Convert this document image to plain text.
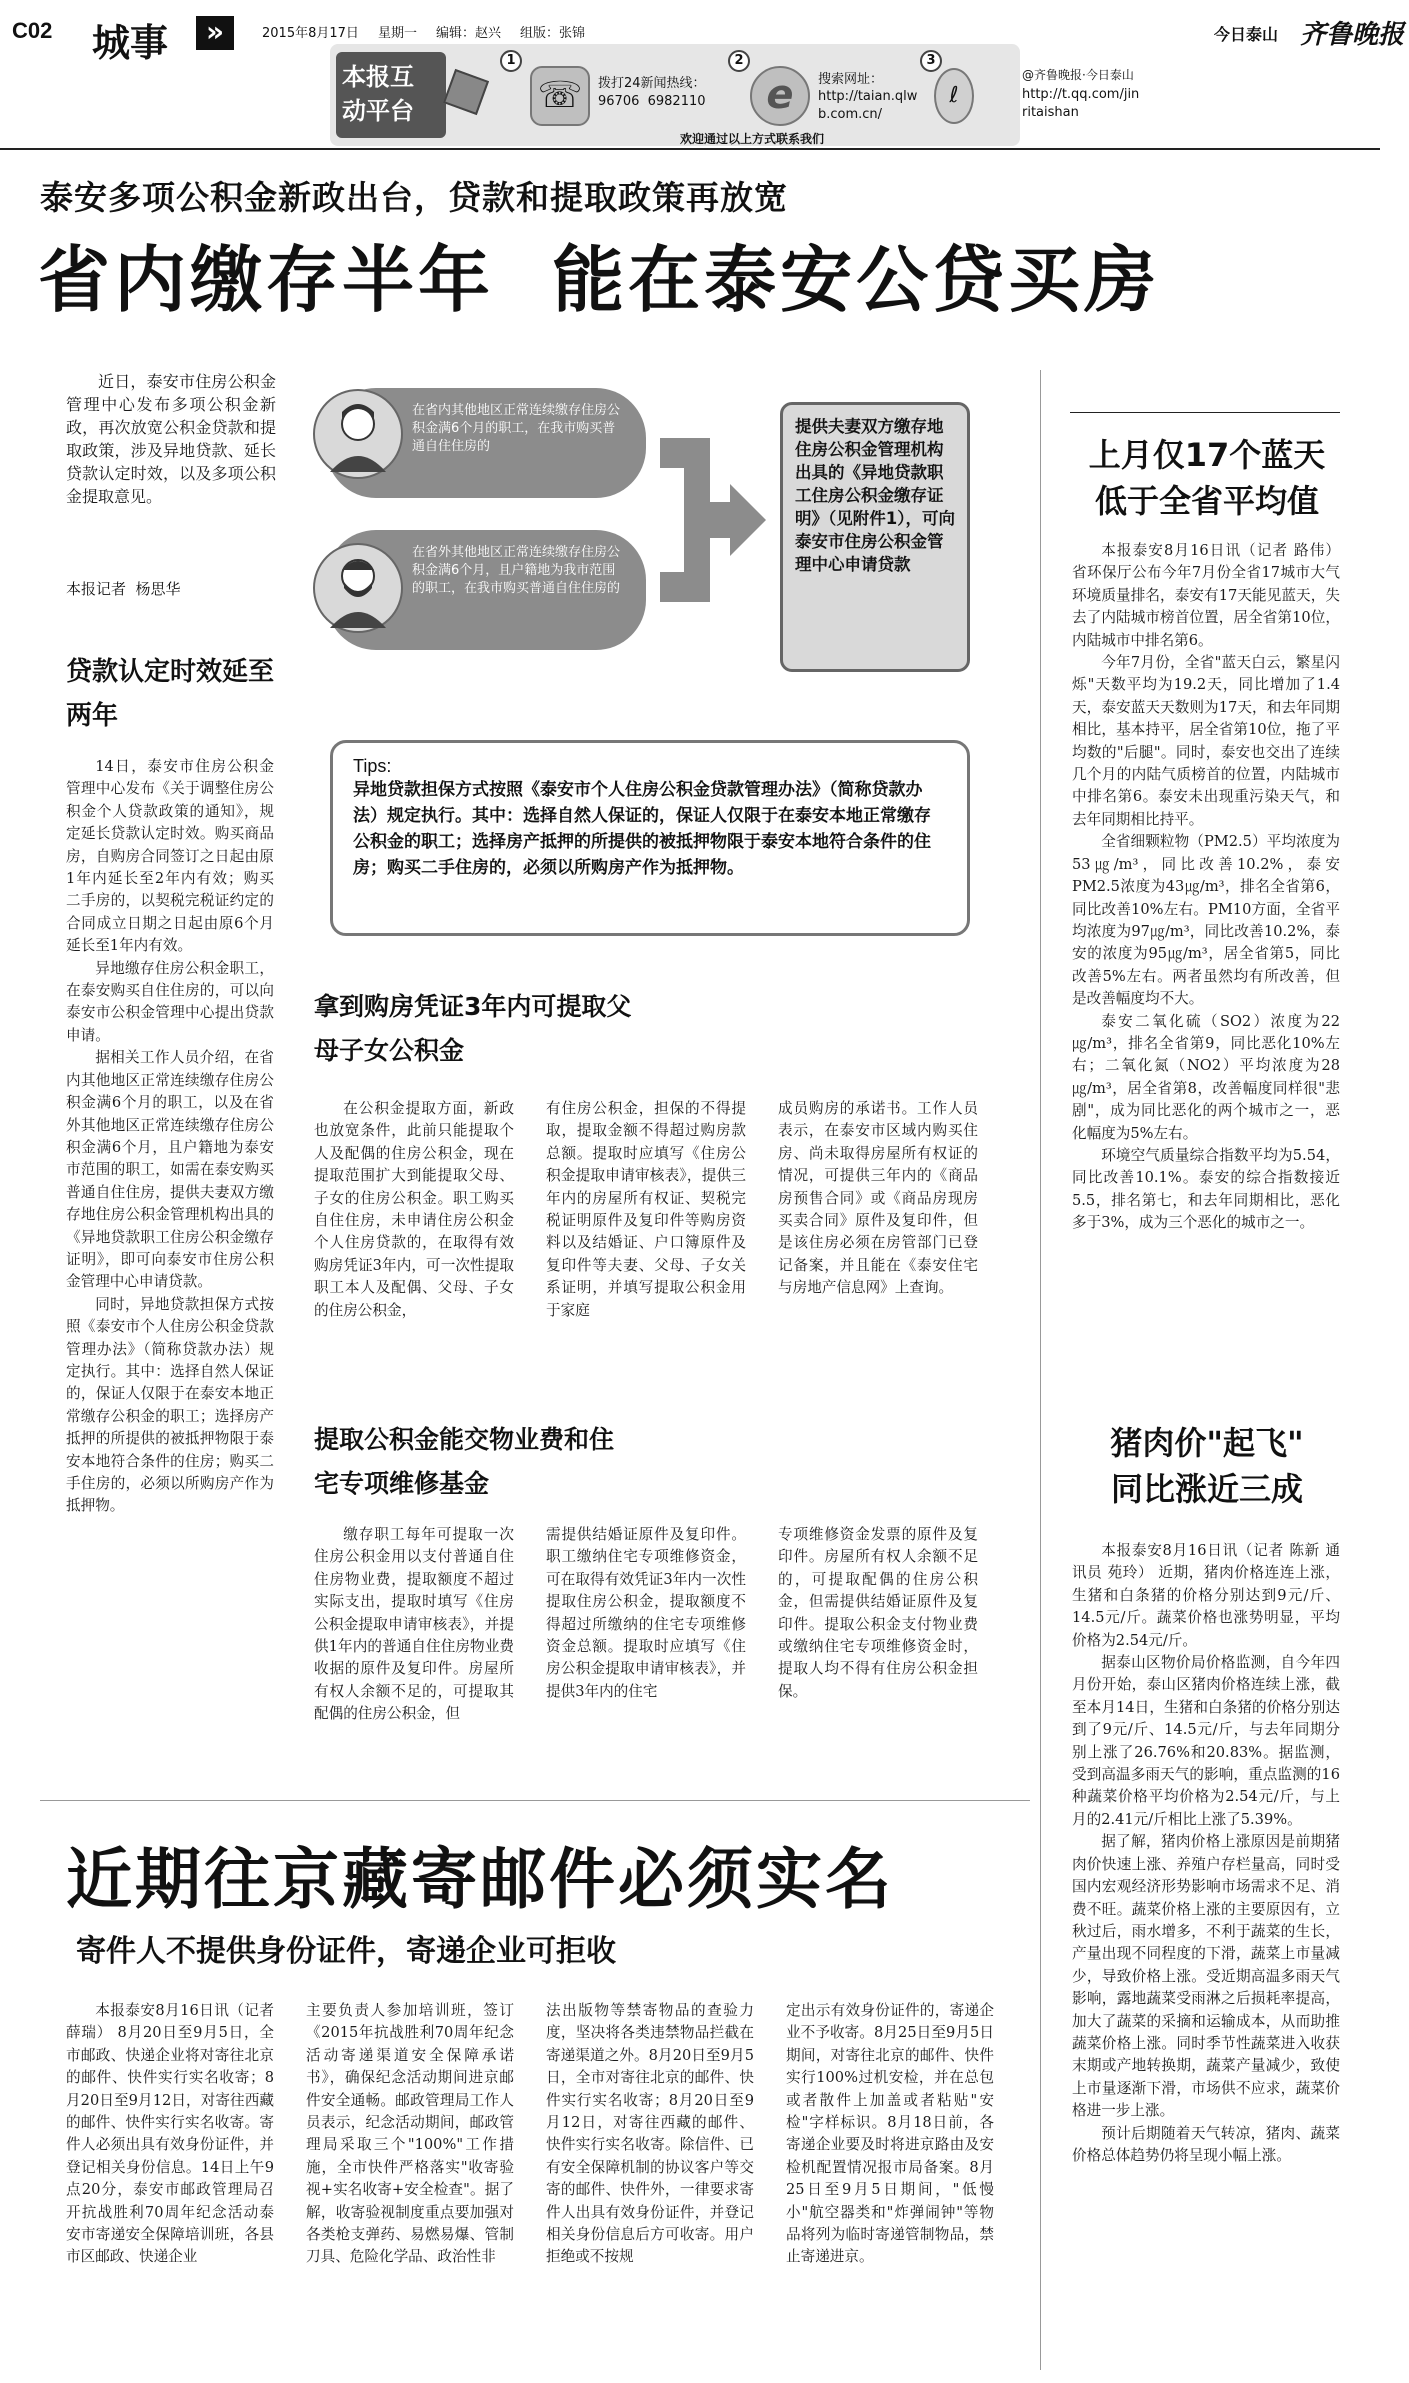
C02 城事	»	2015年8月17日 星期一 编辑：赵兴 组版：张锦	今日泰山 齐鲁晚报
本报互
动平台
1
☏	拨打24新闻热线：
96706  6982110
2
e	搜索网址：
http://taian.qlwb.com.cn/
3
ℓ
@齐鲁晚报·今日泰山
http://t.qq.com/jinritaishan
欢迎通过以上方式联系我们
泰安多项公积金新政出台，贷款和提取政策再放宽
省内缴存半年  能在泰安公贷买房

近日，泰安市住房公积金管理中心发布多项公积金新政，再次放宽公积金贷款和提取政策，涉及异地贷款、延长贷款认定时效，以及多项公积金提取意见。

本报记者  杨思华
贷款认定时效延至两年

14日，泰安市住房公积金管理中心发布《关于调整住房公积金个人贷款政策的通知》，规定延长贷款认定时效。购买商品房，自购房合同签订之日起由原1年内延长至2年内有效；购买二手房的，以契税完税证约定的合同成立日期之日起由原6个月延长至1年内有效。

异地缴存住房公积金职工，在泰安购买自住住房的，可以向泰安市公积金管理中心提出贷款申请。

据相关工作人员介绍，在省内其他地区正常连续缴存住房公积金满6个月的职工，以及在省外其他地区正常连续缴存住房公积金满6个月，且户籍地为泰安市范围的职工，如需在泰安购买普通自住住房，提供夫妻双方缴存地住房公积金管理机构出具的《异地贷款职工住房公积金缴存证明》，即可向泰安市住房公积金管理中心申请贷款。

同时，异地贷款担保方式按照《泰安市个人住房公积金贷款管理办法》（简称贷款办法）规定执行。其中：选择自然人保证的，保证人仅限于在泰安本地正常缴存公积金的职工；选择房产抵押的所提供的被抵押物限于泰安本地符合条件的住房；购买二手住房的，必须以所购房产作为抵押物。

在省内其他地区正常连续缴存住房公积金满6个月的职工，在我市购买普通自住住房的
在省外其他地区正常连续缴存住房公积金满6个月，且户籍地为我市范围的职工，在我市购买普通自住住房的
提供夫妻双方缴存地住房公积金管理机构出具的《异地贷款职工住房公积金缴存证明》（见附件1），可向泰安市住房公积金管理中心申请贷款
Tips:
异地贷款担保方式按照《泰安市个人住房公积金贷款管理办法》（简称贷款办法）规定执行。其中：选择自然人保证的，保证人仅限于在泰安本地正常缴存公积金的职工；选择房产抵押的所提供的被抵押物限于泰安本地符合条件的住房；购买二手住房的，必须以所购房产作为抵押物。
拿到购房凭证3年内可提取父母子女公积金

在公积金提取方面，新政也放宽条件，此前只能提取个人及配偶的住房公积金，现在提取范围扩大到能提取父母、子女的住房公积金。职工购买自住住房，未申请住房公积金个人住房贷款的，在取得有效购房凭证3年内，可一次性提取职工本人及配偶、父母、子女的住房公积金，

有住房公积金，担保的不得提取，提取金额不得超过购房款总额。提取时应填写《住房公积金提取申请审核表》，提供三年内的房屋所有权证、契税完税证明原件及复印件等购房资料以及结婚证、户口簿原件及复印件等夫妻、父母、子女关系证明，并填写提取公积金用于家庭

成员购房的承诺书。工作人员表示，在泰安市区域内购买住房、尚未取得房屋所有权证的情况，可提供三年内的《商品房预售合同》或《商品房现房买卖合同》原件及复印件，但是该住房必须在房管部门已登记备案，并且能在《泰安住宅与房地产信息网》上查询。

提取公积金能交物业费和住宅专项维修基金

缴存职工每年可提取一次住房公积金用以支付普通自住住房物业费，提取额度不超过实际支出，提取时填写《住房公积金提取申请审核表》，并提供1年内的普通自住住房物业费收据的原件及复印件。房屋所有权人余额不足的，可提取其配偶的住房公积金，但

需提供结婚证原件及复印件。职工缴纳住宅专项维修资金，可在取得有效凭证3年内一次性提取住房公积金，提取额度不得超过所缴纳的住宅专项维修资金总额。提取时应填写《住房公积金提取申请审核表》，并提供3年内的住宅

专项维修资金发票的原件及复印件。房屋所有权人余额不足的，可提取配偶的住房公积金，但需提供结婚证原件及复印件。提取公积金支付物业费或缴纳住宅专项维修资金时，提取人均不得有住房公积金担保。

上月仅17个蓝天
低于全省平均值

本报泰安8月16日讯（记者 路伟） 省环保厅公布今年7月份全省17城市大气环境质量排名，泰安有17天能见蓝天，失去了内陆城市榜首位置，居全省第10位，内陆城市中排名第6。

今年7月份，全省"蓝天白云，繁星闪烁"天数平均为19.2天，同比增加了1.4天，泰安蓝天天数则为17天，和去年同期相比，基本持平，居全省第10位，拖了平均数的"后腿"。同时，泰安也交出了连续几个月的内陆气质榜首的位置，内陆城市中排名第6。泰安未出现重污染天气，和去年同期相比持平。

全省细颗粒物（PM2.5）平均浓度为53㎍/m³，同比改善10.2%，泰安PM2.5浓度为43㎍/m³，排名全省第6，同比改善10%左右。PM10方面，全省平均浓度为97㎍/m³，同比改善10.2%，泰安的浓度为95㎍/m³，居全省第5，同比改善5%左右。两者虽然均有所改善，但是改善幅度均不大。

泰安二氧化硫（SO2）浓度为22㎍/m³，排名全省第9，同比恶化10%左右；二氧化氮（NO2）平均浓度为28㎍/m³，居全省第8，改善幅度同样很"悲剧"，成为同比恶化的两个城市之一，恶化幅度为5%左右。

环境空气质量综合指数平均为5.54，同比改善10.1%。泰安的综合指数接近5.5，排名第七，和去年同期相比，恶化多于3%，成为三个恶化的城市之一。

猪肉价"起飞"
同比涨近三成

本报泰安8月16日讯（记者 陈新 通讯员 苑玲） 近期，猪肉价格连连上涨，生猪和白条猪的价格分别达到9元/斤、14.5元/斤。蔬菜价格也涨势明显，平均价格为2.54元/斤。

据泰山区物价局价格监测，自今年四月份开始，泰山区猪肉价格连续上涨，截至本月14日，生猪和白条猪的价格分别达到了9元/斤、14.5元/斤，与去年同期分别上涨了26.76%和20.83%。据监测，受到高温多雨天气的影响，重点监测的16种蔬菜价格平均价格为2.54元/斤，与上月的2.41元/斤相比上涨了5.39%。

据了解，猪肉价格上涨原因是前期猪肉价快速上涨、养殖户存栏量高，同时受国内宏观经济形势影响市场需求不足、消费不旺。蔬菜价格上涨的主要原因有，立秋过后，雨水增多，不利于蔬菜的生长，产量出现不同程度的下滑，蔬菜上市量减少，导致价格上涨。受近期高温多雨天气影响，露地蔬菜受雨淋之后损耗率提高，加大了蔬菜的采摘和运输成本，从而助推蔬菜价格上涨。同时季节性蔬菜进入收获末期或产地转换期，蔬菜产量减少，致使上市量逐渐下滑，市场供不应求，蔬菜价格进一步上涨。

预计后期随着天气转凉，猪肉、蔬菜价格总体趋势仍将呈现小幅上涨。

近期往京藏寄邮件必须实名
寄件人不提供身份证件，寄递企业可拒收

本报泰安8月16日讯（记者 薛瑞） 8月20日至9月5日，全市邮政、快递企业将对寄往北京的邮件、快件实行实名收寄；8月20日至9月12日，对寄往西藏的邮件、快件实行实名收寄。寄件人必须出具有效身份证件，并登记相关身份信息。14日上午9点20分，泰安市邮政管理局召开抗战胜利70周年纪念活动泰安市寄递安全保障培训班，各县市区邮政、快递企业

主要负责人参加培训班，签订《2015年抗战胜利70周年纪念活动寄递渠道安全保障承诺书》，确保纪念活动期间进京邮件安全通畅。邮政管理局工作人员表示，纪念活动期间，邮政管理局采取三个"100%"工作措施，全市快件严格落实"收寄验视+实名收寄+安全检查"。据了解，收寄验视制度重点要加强对各类枪支弹药、易燃易爆、管制刀具、危险化学品、政治性非

法出版物等禁寄物品的查验力度，坚决将各类违禁物品拦截在寄递渠道之外。8月20日至9月5日，全市对寄往北京的邮件、快件实行实名收寄；8月20日至9月12日，对寄往西藏的邮件、快件实行实名收寄。除信件、已有安全保障机制的协议客户等交寄的邮件、快件外，一律要求寄件人出具有效身份证件，并登记相关身份信息后方可收寄。用户拒绝或不按规

定出示有效身份证件的，寄递企业不予收寄。8月25日至9月5日期间，对寄往北京的邮件、快件实行100%过机安检，并在总包或者散件上加盖或者粘贴"安检"字样标识。8月18日前，各寄递企业要及时将进京路由及安检机配置情况报市局备案。8月25日至9月5日期间，"低慢小"航空器类和"炸弹闹钟"等物品将列为临时寄递管制物品，禁止寄递进京。
